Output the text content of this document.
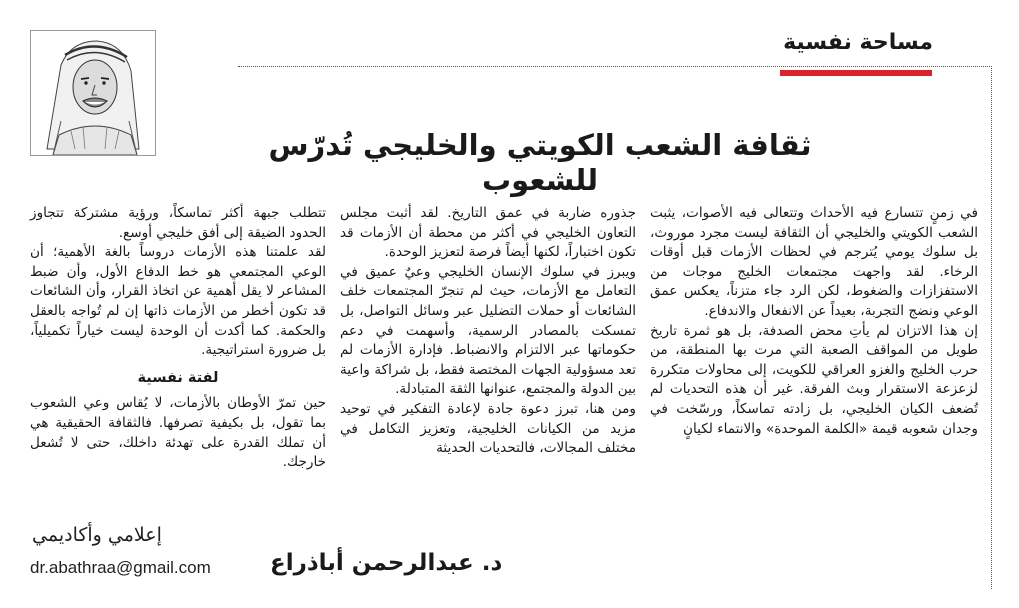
مساحة نفسية
ثقافة الشعب الكويتي والخليجي تُدرّس للشعوب

في زمنٍ تتسارع فيه الأحداث وتتعالى فيه الأصوات، يثبت الشعب الكويتي والخليجي أن الثقافة ليست مجرد موروث، بل سلوك يومي يُترجم في لحظات الأزمات قبل أوقات الرخاء. لقد واجهت مجتمعات الخليج موجات من الاستفزازات والضغوط، لكن الرد جاء متزناً، يعكس عمق الوعي ونضج التجربة، بعيداً عن الانفعال والاندفاع.

إن هذا الاتزان لم يأتِ محض الصدفة، بل هو ثمرة تاريخ طويل من المواقف الصعبة التي مرت بها المنطقة، من حرب الخليج والغزو العراقي للكويت، إلى محاولات متكررة لزعزعة الاستقرار وبث الفرقة. غير أن هذه التحديات لم تُضعف الكيان الخليجي، بل زادته تماسكاً، ورسّخت في وجدان شعوبه قيمة «الكلمة الموحدة» والانتماء لكيانٍ

جذوره ضاربة في عمق التاريخ. لقد أثبت مجلس التعاون الخليجي في أكثر من محطة أن الأزمات قد تكون اختباراً، لكنها أيضاً فرصة لتعزيز الوحدة.

ويبرز في سلوك الإنسان الخليجي وعيٌ عميق في التعامل مع الأزمات، حيث لم تنجرّ المجتمعات خلف الشائعات أو حملات التضليل عبر وسائل التواصل، بل تمسكت بالمصادر الرسمية، وأسهمت في دعم حكوماتها عبر الالتزام والانضباط. فإدارة الأزمات لم تعد مسؤولية الجهات المختصة فقط، بل شراكة واعية بين الدولة والمجتمع، عنوانها الثقة المتبادلة.

ومن هنا، تبرز دعوة جادة لإعادة التفكير في توحيد مزيد من الكيانات الخليجية، وتعزيز التكامل في مختلف المجالات، فالتحديات الحديثة

تتطلب جبهة أكثر تماسكاً، ورؤية مشتركة تتجاوز الحدود الضيقة إلى أفق خليجي أوسع.

لقد علمتنا هذه الأزمات دروساً بالغة الأهمية؛ أن الوعي المجتمعي هو خط الدفاع الأول، وأن ضبط المشاعر لا يقل أهمية عن اتخاذ القرار، وأن الشائعات قد تكون أخطر من الأزمات ذاتها إن لم تُواجه بالعقل والحكمة. كما أكدت أن الوحدة ليست خياراً تكميلياً، بل ضرورة استراتيجية.

لفتة نفسية

حين تمرّ الأوطان بالأزمات، لا يُقاس وعي الشعوب بما تقول، بل بكيفية تصرفها. فالثقافة الحقيقية هي أن تملك القدرة على تهدئة داخلك، حتى لا تُشعل خارجك.

إعلامي وأكاديمي
dr.abathraa@gmail.com	د. عبدالرحمن أباذراع
